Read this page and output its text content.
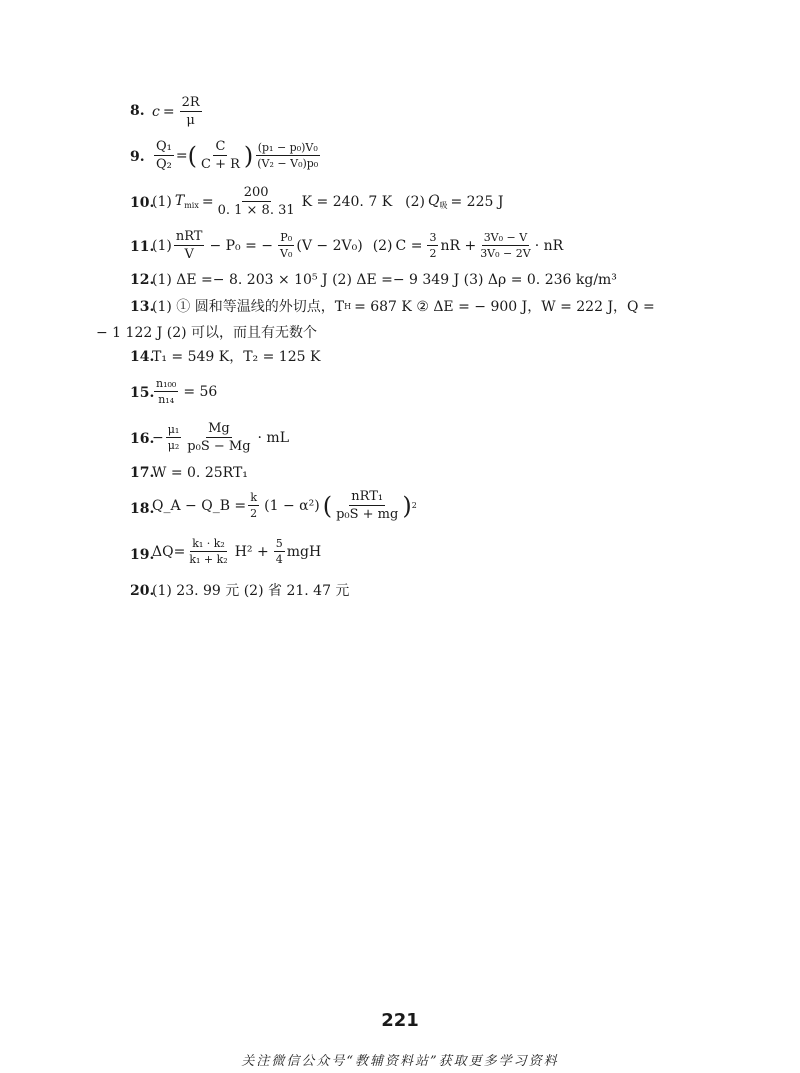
8. $c = \frac{2R}{\mu}$
9. $\frac{\text{Q₁}}{\text{Q₂}}$ = ( $\frac{C}{C + R}$ ) $\frac{\text{(p₁ − p₀)V₀}}{\text{(V₂ − V₀)p₀}}$
10.
(1) $T_{mix} = \frac{200}{0. 1 \times 8. 31}$ K = 240. 7 K (2) $Q_吸 = 225$ J
11.
$(1) \frac{\text{nRT}}{V} - P_0$ = − $\frac{\text{P₀}}{\text{V₀}} (V - 2V_0)$ (2) $C = \frac{3}{2}$ nR + $\frac{\text{3V₀ − V}}{\text{3V₀ − 2V}}$ · nR
12.
(1) ΔE =− 8. 203 × 10⁵ J (2) ΔE =− 9 349 J (3) Δρ = 0. 236 kg/m³
13.
(1) ① 圆和等温线的外切点，T H = 687 K ② ΔE = − 900 J，W = 222 J，Q =
− 1 122 J (2) 可以，而且有无数个
14.
T₁ = 549 K，T₂ = 125 K
15. $\frac{\text{n₁₀₀}}{\text{n₁₄}} = 56$
16.
− $\frac{\text{μ₁}}{\text{μ₂}} \frac{Mg}{\text{p₀S − Mg}}$ · mL
17.
W = 0. 25RT₁
18.
Q_A − Q_B = $\frac{k}{2} (1 - \alpha^2)$ ( $\frac{\text{nRT₁}}{\text{p₀S + mg}}$ ) 2
19.
$\Delta Q= \frac{\text{k₁ · k₂}}{\text{k₁ + k₂}} H^2 + \frac{5}{4}$ mgH
20.
(1) 23. 99 元 (2) 省 21. 47 元
221
关注微信公众号“教辅资料站”获取更多学习资料
